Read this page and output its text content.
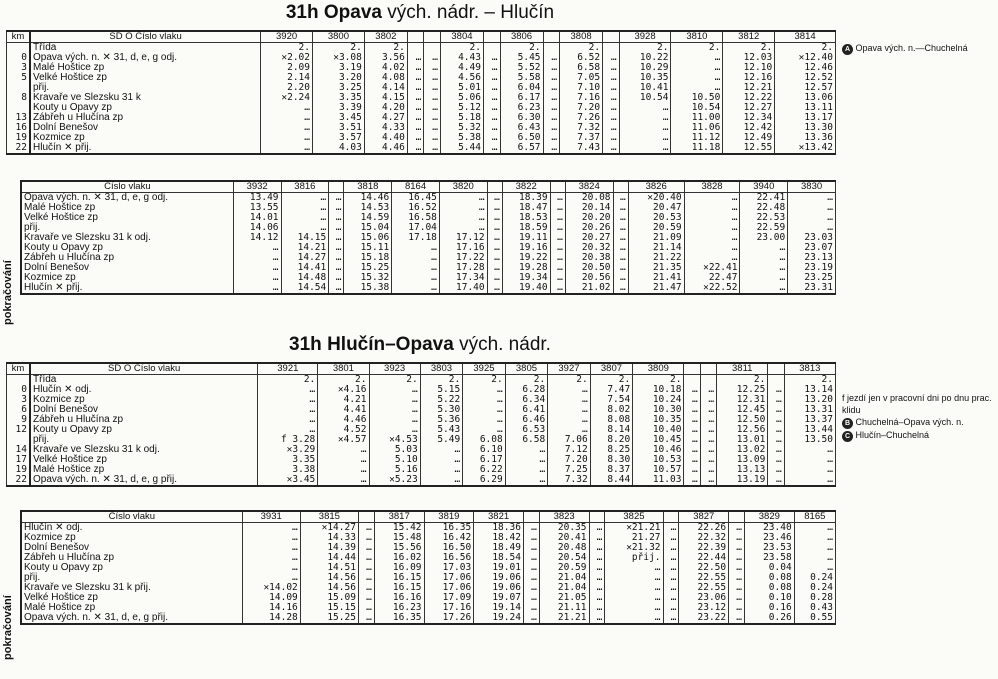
31h Opava vých. nádr. – Hlučín
km	SD O Číslo vlaku	3920	3800	3802			3804		3806		3808		3928	3810	3812	3814
	Třída	2.	2.	2.			2.		2.		2.		2.	2.	2.	2.
0	Opava vých. n. ✕ 31, d, e, g odj.	✕2.02	✕3.08	3.56	…	…	4.43	…	5.45	…	6.52	…	10.22	…	12.03	✕12.40
3	Malé Hoštice zp	2.09	3.19	4.02	…	…	4.49	…	5.52	…	6.58	…	10.29	…	12.10	12.46
5	Velké Hoštice zp	2.14	3.20	4.08	…	…	4.56	…	5.58	…	7.05	…	10.35	…	12.16	12.52
	přij.	2.20	3.25	4.14	…	…	5.01	…	6.04	…	7.10	…	10.41	…	12.21	12.57
8	Kravaře ve Slezsku 31 k	✕2.24	3.35	4.15	…	…	5.06	…	6.17	…	7.16	…	10.54	10.50	12.22	13.06
	Kouty u Opavy zp	…	3.39	4.20	…	…	5.12	…	6.23	…	7.20	…	…	10.54	12.27	13.11
13	Zábřeh u Hlučína zp	…	3.45	4.27	…	…	5.18	…	6.30	…	7.26	…	…	11.00	12.34	13.17
16	Dolní Benešov	…	3.51	4.33	…	…	5.32	…	6.43	…	7.32	…	…	11.06	12.42	13.30
19	Kozmice zp	…	3.57	4.40	…	…	5.38	…	6.50	…	7.37	…	…	11.12	12.49	13.36
22	Hlučín ✕ přij.	…	4.03	4.46	…	…	5.44	…	6.57	…	7.43	…	…	11.18	12.55	✕13.42
pokračování
Číslo vlaku	3932	3816		3818	8164	3820		3822		3824		3826	3828	3940	3830
Opava vých. n. ✕ 31, d, e, g odj.	13.49	…	…	14.46	16.45	…	…	18.39	…	20.08	…	✕20.40	…	22.41	…
Malé Hoštice zp	13.55	…	…	14.53	16.52	…	…	18.47	…	20.14	…	20.47	…	22.48	…
Velké Hoštice zp	14.01	…	…	14.59	16.58	…	…	18.53	…	20.20	…	20.53	…	22.53	…
přij.	14.06	…	…	15.04	17.04	…	…	18.59	…	20.26	…	20.59	…	22.59	…
Kravaře ve Slezsku 31 k odj.	14.12	14.15	…	15.06	17.18	17.12	…	19.11	…	20.27	…	21.09	…	23.00	23.03
Kouty u Opavy zp	…	14.21	…	15.11	…	17.16	…	19.16	…	20.32	…	21.14	…	…	23.07
Zábřeh u Hlučína zp	…	14.27	…	15.18	…	17.22	…	19.22	…	20.38	…	21.22	…	…	23.13
Dolní Benešov	…	14.41	…	15.25	…	17.28	…	19.28	…	20.50	…	21.35	✕22.41	…	23.19
Kozmice zp	…	14.48	…	15.32	…	17.34	…	19.34	…	20.56	…	21.41	22.47	…	23.25
Hlučín ✕ přij.	…	14.54	…	15.38	…	17.40	…	19.40	…	21.02	…	21.47	✕22.52	…	23.31
A Opava vých. n.—Chuchelná
31h Hlučín–Opava vých. nádr.
km	SD O Číslo vlaku	3921	3801	3923	3803	3925	3805	3927	3807	3809			3811		3813
	Třída	2.	2.	2.	2.	2.	2.	2.	2.	2.			2.		2.
0	Hlučín ✕ odj.	…	✕4.16	…	5.15	…	6.28	…	7.47	10.18	…	…	12.25	…	13.14
3	Kozmice zp	…	4.21	…	5.22	…	6.34	…	7.54	10.24	…	…	12.31	…	13.20
6	Dolní Benešov	…	4.41	…	5.30	…	6.41	…	8.02	10.30	…	…	12.45	…	13.31
9	Zábřeh u Hlučína zp	…	4.46	…	5.36	…	6.46	…	8.08	10.35	…	…	12.50	…	13.37
12	Kouty u Opavy zp	…	4.52	…	5.43	…	6.53	…	8.14	10.40	…	…	12.56	…	13.44
	přij.	f 3.28	✕4.57	✕4.53	5.49	6.08	6.58	7.06	8.20	10.45	…	…	13.01	…	13.50
14	Kravaře ve Slezsku 31 k odj.	✕3.29	…	5.03	…	6.10	…	7.12	8.25	10.46	…	…	13.02	…	…
17	Velké Hoštice zp	3.35	…	5.10	…	6.17	…	7.20	8.30	10.53	…	…	13.09	…	…
19	Malé Hoštice zp	3.38	…	5.16	…	6.22	…	7.25	8.37	10.57	…	…	13.13	…	…
22	Opava vých. n. ✕ 31, d, e, g přij.	✕3.45	…	✕5.23	…	6.29	…	7.32	8.44	11.03	…	…	13.19	…	…
pokračování
Číslo vlaku	3931	3815		3817	3819	3821		3823		3825		3827		3829	8165
Hlučín ✕ odj.	…	✕14.27	…	15.42	16.35	18.36	…	20.35	…	✕21.21	…	22.26	…	23.40	…
Kozmice zp	…	14.33	…	15.48	16.42	18.42	…	20.41	…	21.27	…	22.32	…	23.46	…
Dolní Benešov	…	14.39	…	15.56	16.50	18.49	…	20.48	…	✕21.32	…	22.39	…	23.53	…
Zábřeh u Hlučína zp	…	14.44	…	16.02	16.56	18.54	…	20.54	…	přij.	…	22.44	…	23.58	…
Kouty u Opavy zp	…	14.51	…	16.09	17.03	19.01	…	20.59	…	…	…	22.50	…	0.04	…
přij.	…	14.56	…	16.15	17.06	19.06	…	21.04	…	…	…	22.55	…	0.08	0.24
Kravaře ve Slezsku 31 k přij.	✕14.02	14.56	…	16.15	17.06	19.06	…	21.04	…	…	…	22.55	…	0.08	0.24
Velké Hoštice zp	14.09	15.09	…	16.16	17.09	19.07	…	21.05	…	…	…	23.06	…	0.10	0.28
Malé Hoštice zp	14.16	15.15	…	16.23	17.16	19.14	…	21.11	…	…	…	23.12	…	0.16	0.43
Opava vých. n. ✕ 31, d, e, g přij.	14.28	15.25	…	16.35	17.26	19.24	…	21.21	…	…	…	23.22	…	0.26	0.55
f jezdí jen v pracovní dni po dnu prac. klidu
B Chuchelná–Opava vých. n.
C Hlučín–Chuchelná
